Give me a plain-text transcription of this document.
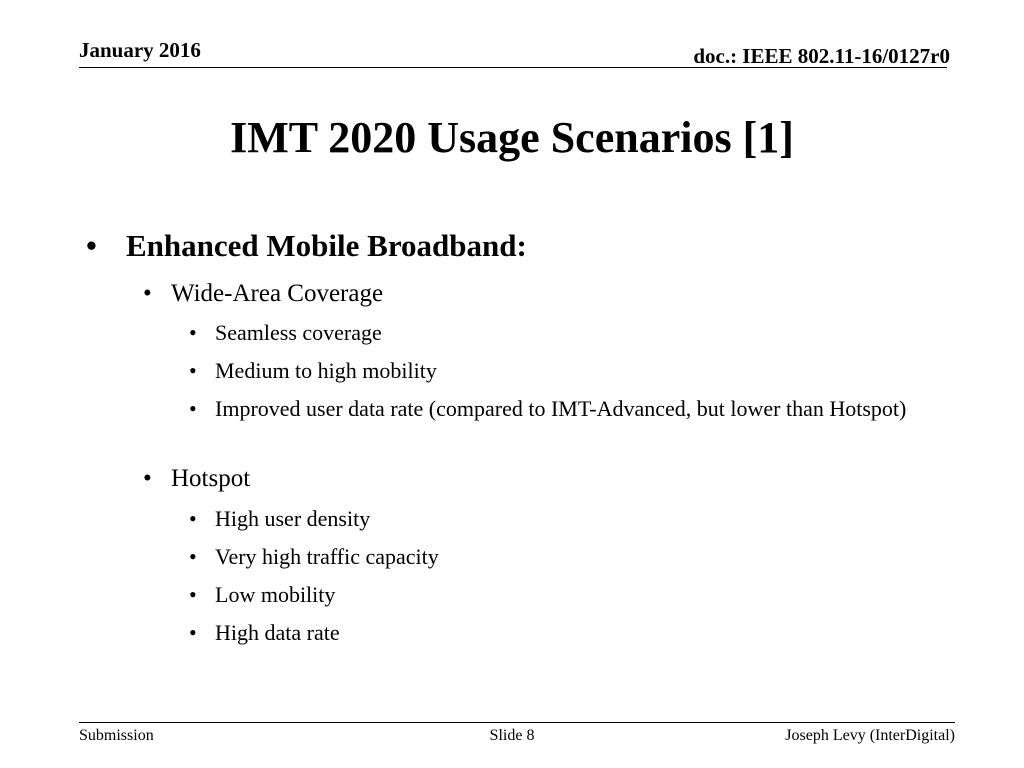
January 2016	doc.: IEEE 802.11-16/0127r0
IMT 2020 Usage Scenarios [1]
• Enhanced Mobile Broadband:
• Wide-Area Coverage
• Seamless coverage
• Medium to high mobility
• Improved user data rate (compared to IMT-Advanced, but lower than Hotspot)
• Hotspot
• High user density
• Very high traffic capacity
• Low mobility
• High data rate
Submission	Slide 8	Joseph Levy (InterDigital)
